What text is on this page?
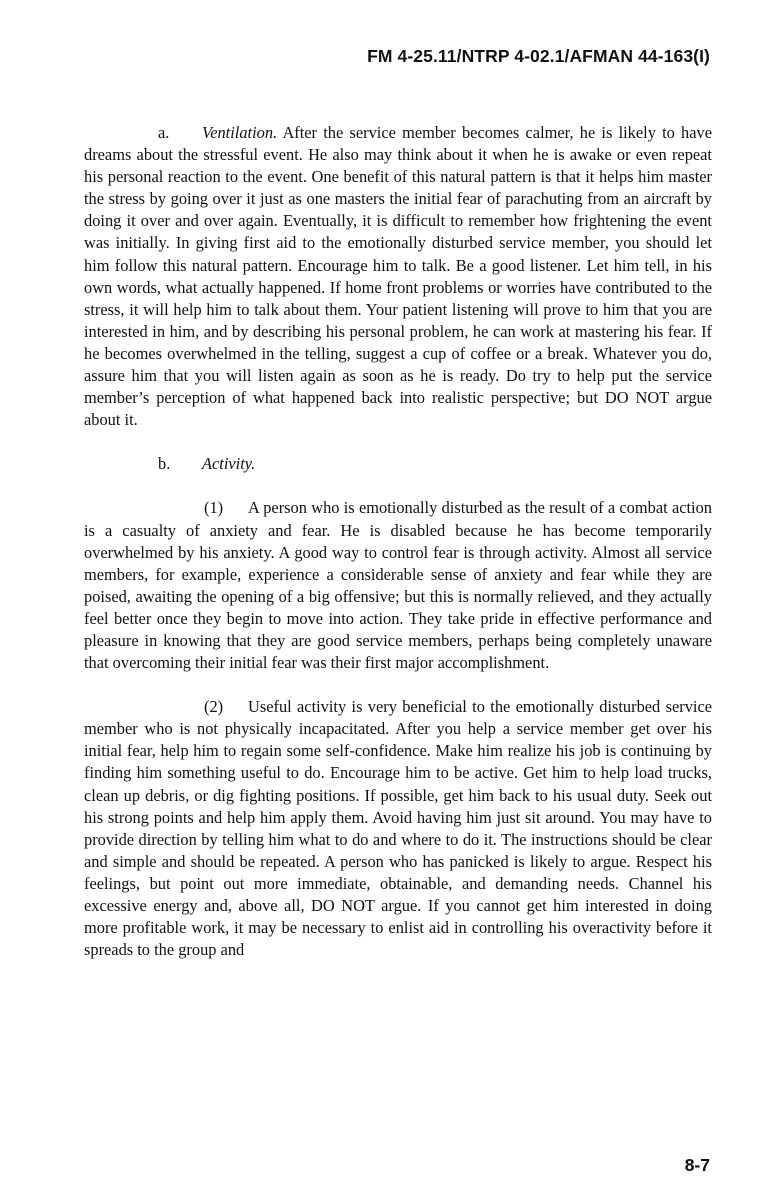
FM 4-25.11/NTRP 4-02.1/AFMAN 44-163(I)

a. Ventilation. After the service member becomes calmer, he is likely to have dreams about the stressful event. He also may think about it when he is awake or even repeat his personal reaction to the event. One benefit of this natural pattern is that it helps him master the stress by going over it just as one masters the initial fear of parachuting from an aircraft by doing it over and over again. Eventually, it is difficult to remember how frightening the event was initially. In giving first aid to the emotionally disturbed service member, you should let him follow this natural pattern. Encourage him to talk. Be a good listener. Let him tell, in his own words, what actually happened. If home front problems or worries have contributed to the stress, it will help him to talk about them. Your patient listening will prove to him that you are interested in him, and by describing his personal problem, he can work at mastering his fear. If he becomes overwhelmed in the telling, suggest a cup of coffee or a break. Whatever you do, assure him that you will listen again as soon as he is ready. Do try to help put the service member’s perception of what happened back into realistic perspective; but DO NOT argue about it.

b. Activity.

(1) A person who is emotionally disturbed as the result of a combat action is a casualty of anxiety and fear. He is disabled because he has become temporarily overwhelmed by his anxiety. A good way to control fear is through activity. Almost all service members, for example, experience a considerable sense of anxiety and fear while they are poised, awaiting the opening of a big offensive; but this is normally relieved, and they actually feel better once they begin to move into action. They take pride in effective performance and pleasure in knowing that they are good service members, perhaps being completely unaware that overcoming their initial fear was their first major accomplishment.

(2) Useful activity is very beneficial to the emotionally disturbed service member who is not physically incapacitated. After you help a service member get over his initial fear, help him to regain some self-confidence. Make him realize his job is continuing by finding him something useful to do. Encourage him to be active. Get him to help load trucks, clean up debris, or dig fighting positions. If possible, get him back to his usual duty. Seek out his strong points and help him apply them. Avoid having him just sit around. You may have to provide direction by telling him what to do and where to do it. The instructions should be clear and simple and should be repeated. A person who has panicked is likely to argue. Respect his feelings, but point out more immediate, obtainable, and demanding needs. Channel his excessive energy and, above all, DO NOT argue. If you cannot get him interested in doing more profitable work, it may be necessary to enlist aid in controlling his overactivity before it spreads to the group and

8-7
